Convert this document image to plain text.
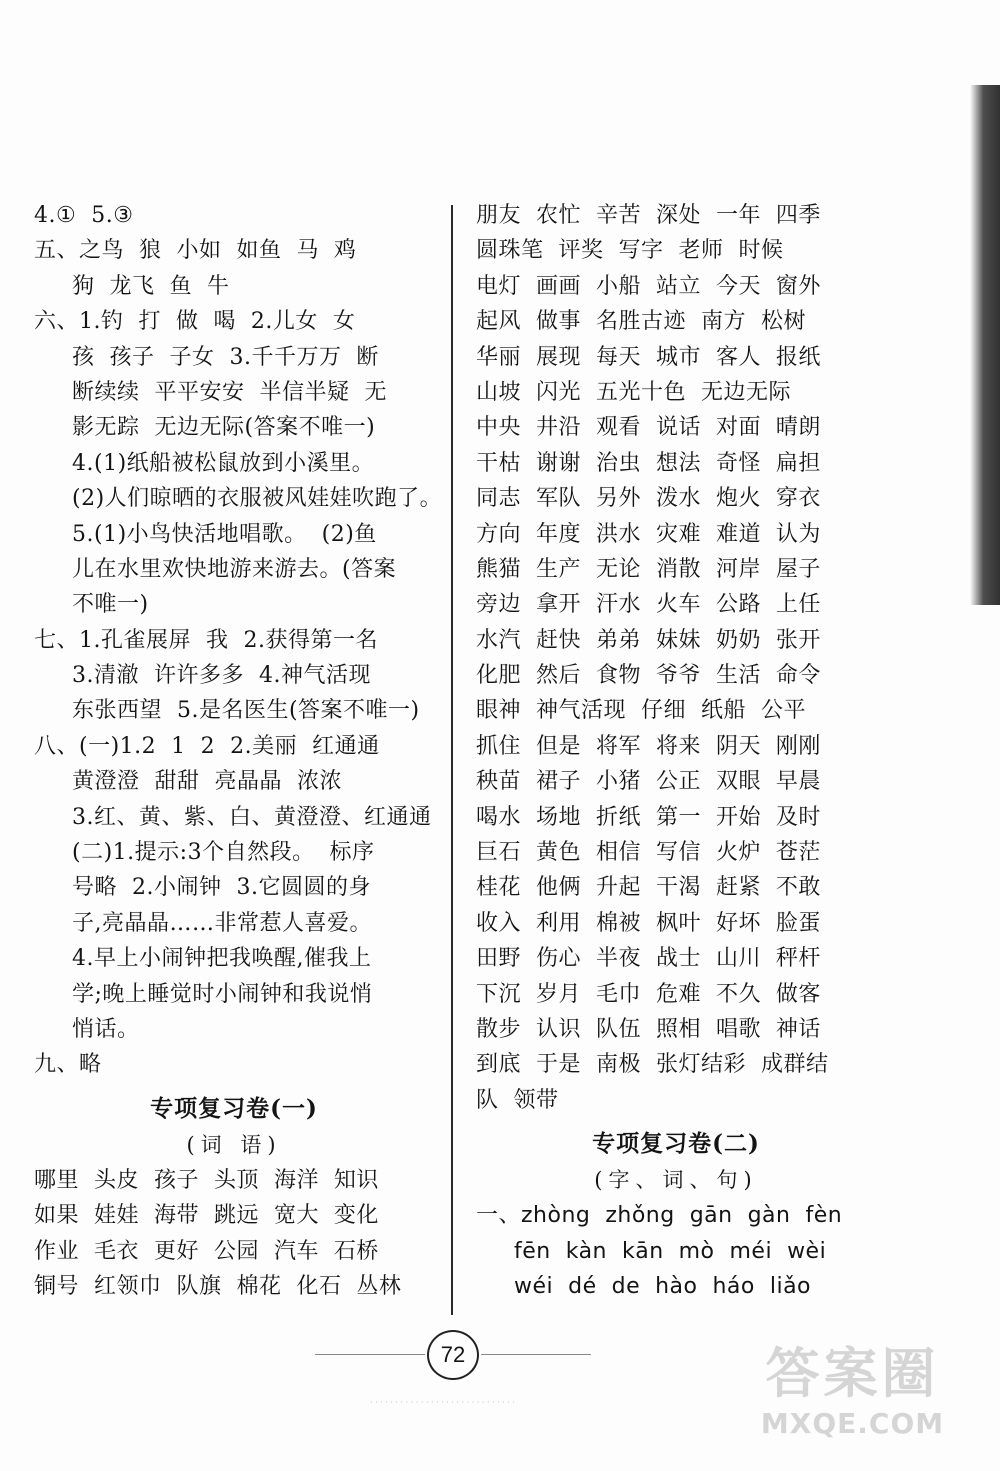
4.①  5.③
五、之鸟  狼  小如  如鱼  马  鸡
狗  龙飞  鱼  牛
六、1.钓  打  做  喝  2.儿女  女
孩  孩子  子女  3.千千万万  断
断续续  平平安安  半信半疑  无
影无踪  无边无际(答案不唯一)
4.(1)纸船被松鼠放到小溪里。
(2)人们晾晒的衣服被风娃娃吹跑了。
5.(1)小鸟快活地唱歌。  (2)鱼
儿在水里欢快地游来游去。(答案
不唯一)
七、1.孔雀展屏  我  2.获得第一名
3.清澈  许许多多  4.神气活现
东张西望  5.是名医生(答案不唯一)
八、(一)1.2  1  2  2.美丽  红通通
黄澄澄  甜甜  亮晶晶  浓浓
3.红、黄、紫、白、黄澄澄、红通通
(二)1.提示:3个自然段。  标序
号略  2.小闹钟  3.它圆圆的身
子,亮晶晶……非常惹人喜爱。
4.早上小闹钟把我唤醒,催我上
学;晚上睡觉时小闹钟和我说悄
悄话。
九、略
专项复习卷(一)
(词 语)
哪里  头皮  孩子  头顶  海洋  知识
如果  娃娃  海带  跳远  宽大  变化
作业  毛衣  更好  公园  汽车  石桥
铜号  红领巾  队旗  棉花  化石  丛林
朋友  农忙  辛苦  深处  一年  四季
圆珠笔  评奖  写字  老师  时候
电灯  画画  小船  站立  今天  窗外
起风  做事  名胜古迹  南方  松树
华丽  展现  每天  城市  客人  报纸
山坡  闪光  五光十色  无边无际
中央  井沿  观看  说话  对面  晴朗
干枯  谢谢  治虫  想法  奇怪  扁担
同志  军队  另外  泼水  炮火  穿衣
方向  年度  洪水  灾难  难道  认为
熊猫  生产  无论  消散  河岸  屋子
旁边  拿开  汗水  火车  公路  上任
水汽  赶快  弟弟  妹妹  奶奶  张开
化肥  然后  食物  爷爷  生活  命令
眼神  神气活现  仔细  纸船  公平
抓住  但是  将军  将来  阴天  刚刚
秧苗  裙子  小猪  公正  双眼  早晨
喝水  场地  折纸  第一  开始  及时
巨石  黄色  相信  写信  火炉  苍茫
桂花  他俩  升起  干渴  赶紧  不敢
收入  利用  棉被  枫叶  好坏  脸蛋
田野  伤心  半夜  战士  山川  秤杆
下沉  岁月  毛巾  危难  不久  做客
散步  认识  队伍  照相  唱歌  神话
到底  于是  南极  张灯结彩  成群结
队  领带
专项复习卷(二)
(字、词、句)
一、zhòng  zhǒng  gān  gàn  fèn
fēn  kàn  kān  mò  méi  wèi
wéi  dé  de  hào  háo  liǎo
72
· · · · · · · · · · · · · · · · · · · · · · · · · · · · ·	答案圈
MXQE.COM
